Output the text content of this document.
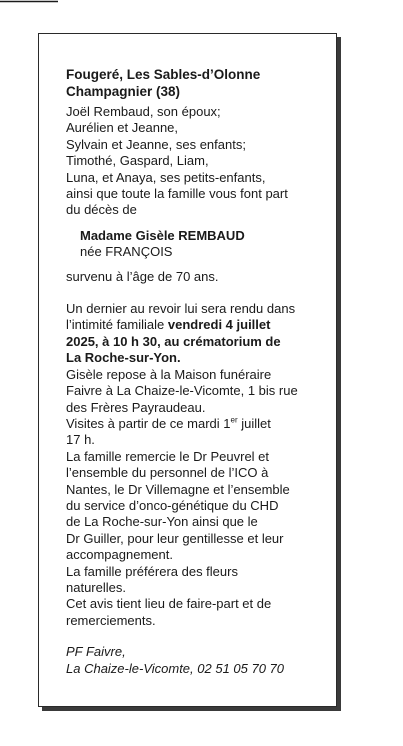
Fougeré, Les Sables-d’Olonne
Champagnier (38)
Joël Rembaud, son époux;
Aurélien et Jeanne,
Sylvain et Jeanne, ses enfants;
Timothé, Gaspard, Liam,
Luna, et Anaya, ses petits-enfants,
ainsi que toute la famille vous font part
du décès de
Madame Gisèle REMBAUD
née FRANÇOIS
survenu à l’âge de 70 ans.
Un dernier au revoir lui sera rendu dans
l’intimité familiale vendredi 4 juillet
2025, à 10 h 30, au crématorium de
La Roche-sur-Yon.
Gisèle repose à la Maison funéraire
Faivre à La Chaize-le-Vicomte, 1 bis rue
des Frères Payraudeau.
Visites à partir de ce mardi 1er juillet
17 h.
La famille remercie le Dr Peuvrel et
l’ensemble du personnel de l’ICO à
Nantes, le Dr Villemagne et l’ensemble
du service d’onco-génétique du CHD
de La Roche-sur-Yon ainsi que le
Dr Guiller, pour leur gentillesse et leur
accompagnement.
La famille préférera des fleurs
naturelles.
Cet avis tient lieu de faire-part et de
remerciements.
PF Faivre,
La Chaize-le-Vicomte, 02 51 05 70 70
